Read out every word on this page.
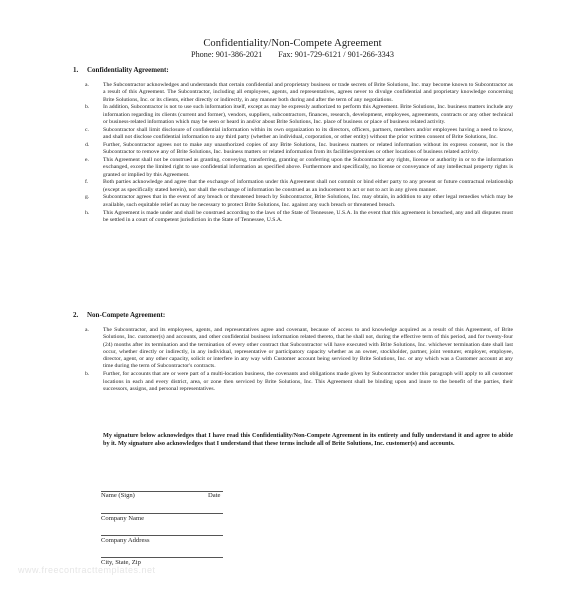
Confidentiality/Non-Compete Agreement
Phone: 901-386-2021 Fax: 901-729-6121 / 901-266-3343
1. Confidentiality Agreement:
a. The Subcontractor acknowledges and understands that certain confidential and proprietary business or trade secrets of Brite Solutions, Inc. may become known to Subcontractor as a result of this Agreement. The Subcontractor, including all employees, agents, and representatives, agrees never to divulge confidential and proprietary knowledge concerning Brite Solutions, Inc. or its clients, either directly or indirectly, in any manner both during and after the term of any negotiations.
b. In addition, Subcontractor is not to use such information itself, except as may be expressly authorized to perform this Agreement. Brite Solutions, Inc. business matters include any information regarding its clients (current and former), vendors, suppliers, subcontractors, finances, research, development, employees, agreements, contracts or any other technical or business-related information which may be seen or heard in and/or about Brite Solutions, Inc. place of business or place of business related activity.
c. Subcontractor shall limit disclosure of confidential information within its own organization to its directors, officers, partners, members and/or employees having a need to know, and shall not disclose confidential information to any third party (whether an individual, corporation, or other entity) without the prior written consent of Brite Solutions, Inc.
d. Further, Subcontractor agrees not to make any unauthorized copies of any Brite Solutions, Inc. business matters or related information without its express consent, nor is the Subcontractor to remove any of Brite Solutions, Inc. business matters or related information from its facilities/premises or other locations of business related activity.
e. This Agreement shall not be construed as granting, conveying, transferring, granting or conferring upon the Subcontractor any rights, license or authority in or to the information exchanged, except the limited right to use confidential information as specified above. Furthermore and specifically, no license or conveyance of any intellectual property rights is granted or implied by this Agreement.
f.	Both parties acknowledge and agree that the exchange of information under this Agreement shall not commit or bind either party to any present or future contractual relationship (except as specifically stated herein), nor shall the exchange of information be construed as an inducement to act or not to act in any given manner.
g. Subcontractor agrees that in the event of any breach or threatened breach by Subcontractor, Brite Solutions, Inc. may obtain, in addition to any other legal remedies which may be available, such equitable relief as may be necessary to protect Brite Solutions, Inc. against any such breach or threatened breach.
h. This Agreement is made under and shall be construed according to the laws of the State of Tennessee, U.S.A. In the event that this agreement is breached, any and all disputes must be settled in a court of competent jurisdiction in the State of Tennessee, U.S.A.
2. Non-Compete Agreement:
a. The Subcontractor, and its employees, agents, and representatives agree and covenant, because of access to and knowledge acquired as a result of this Agreement, of Brite Solutions, Inc. customer(s) and accounts, and other confidential business information related thereto, that he shall not, during the effective term of this period, and for twenty-four (24) months after its termination and the termination of every other contract that Subcontractor will have executed with Brite Solutions, Inc. whichever termination date shall last occur, whether directly or indirectly, in any individual, representative or participatory capacity whether as an owner, stockholder, partner, joint venturer, employer, employee, director, agent, or any other capacity, solicit or interfere in any way with Customer account being serviced by Brite Solutions, Inc. or any which was a Customer account at any time during the term of Subcontractor's contracts.
b. Further, for accounts that are or were part of a multi-location business, the covenants and obligations made given by Subcontractor under this paragraph will apply to all customer locations in each and every district, area, or zone then serviced by Brite Solutions, Inc. This Agreement shall be binding upon and inure to the benefit of the parties, their successors, assigns, and personal representatives.
My signature below acknowledges that I have read this Confidentiality/Non-Compete Agreement in its entirety and fully understand it and agree to abide by it. My signature also acknowledges that I understand that these terms include all of Brite Solutions, Inc. customer(s) and accounts.
Name (Sign)	Date
Company Name
Company Address
City, State, Zip
www.freecontracttemplates.net
